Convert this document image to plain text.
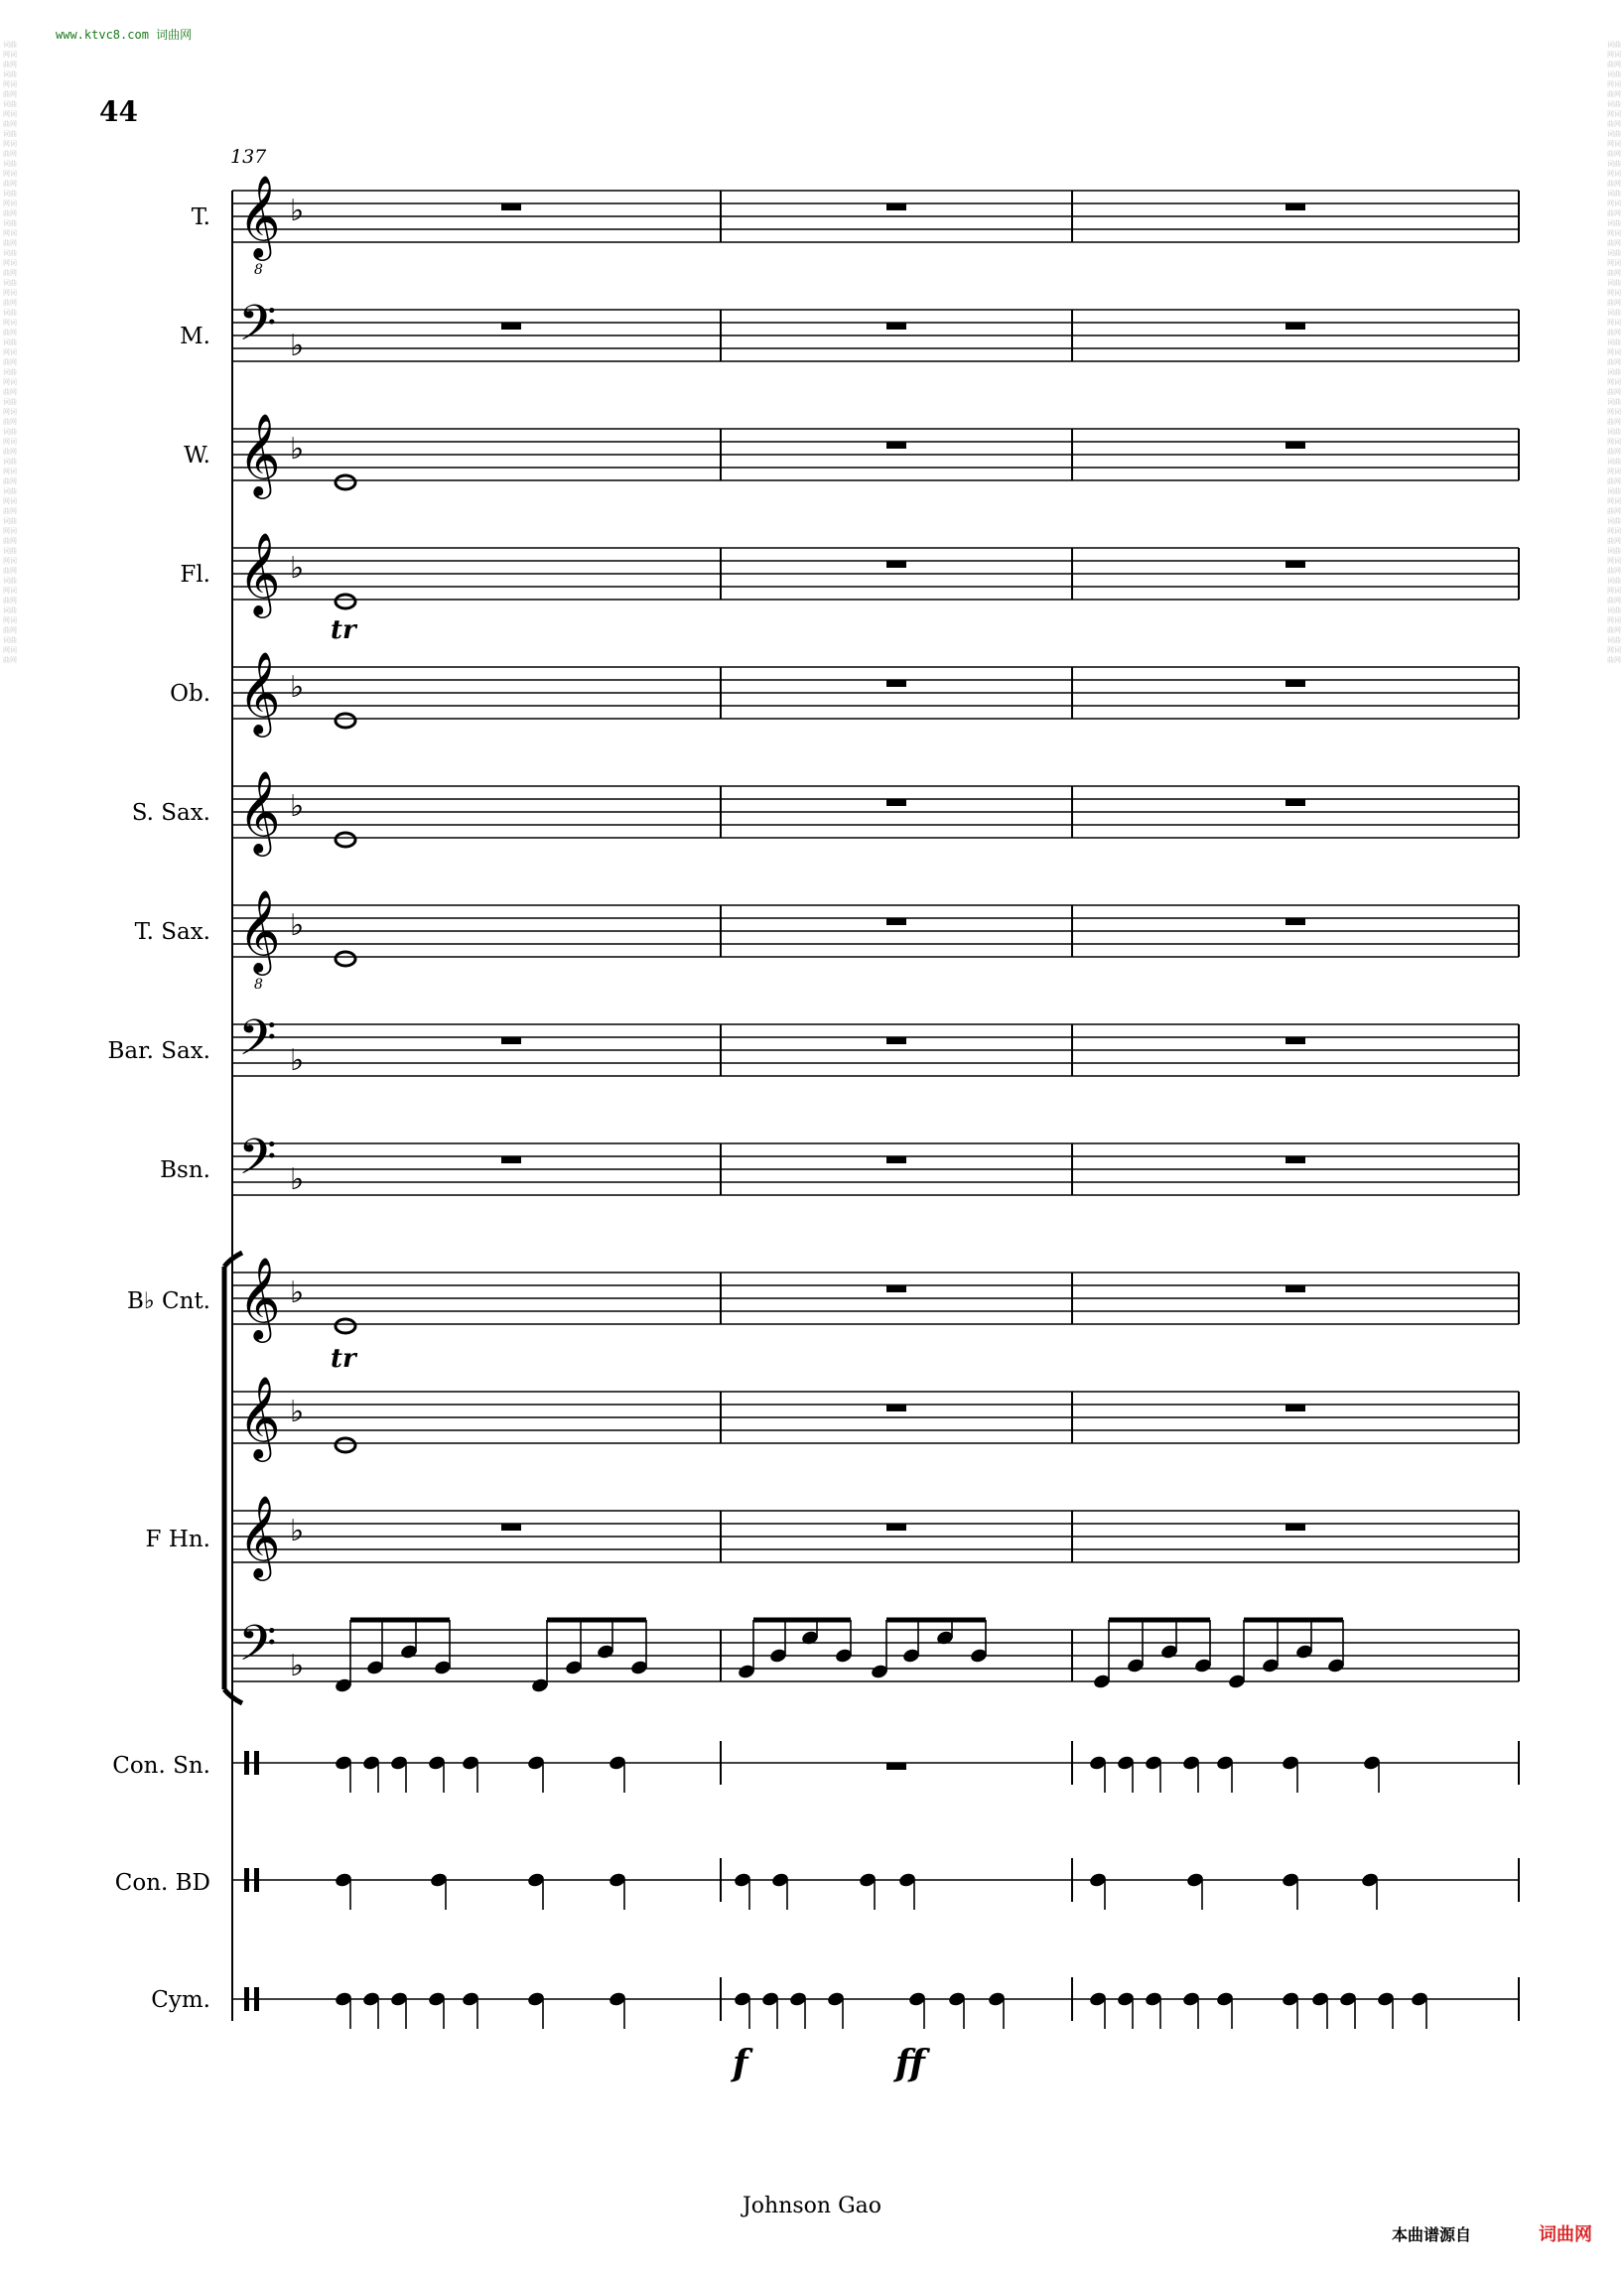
词曲网词曲网词曲网词曲网词曲网词曲网词曲网词曲网词曲网词曲网词曲网词曲网词曲网词曲网词曲网词曲网词曲网词曲网词曲网词曲网词曲网词曲网词曲网词曲网词曲网词曲网词曲网词曲网词曲网词曲网词曲网词曲网词曲网词曲网词曲网词曲网词曲网词曲网词曲网词曲网词曲网词曲网
词曲网词曲网词曲网词曲网词曲网词曲网词曲网词曲网词曲网词曲网词曲网词曲网词曲网词曲网词曲网词曲网词曲网词曲网词曲网词曲网词曲网词曲网词曲网词曲网词曲网词曲网词曲网词曲网词曲网词曲网词曲网词曲网词曲网词曲网词曲网词曲网词曲网词曲网词曲网词曲网词曲网词曲网
www.ktvc8.com 词曲网
44
137
T.
M.
W.
Fl.
Ob.
S. Sax.
T. Sax.
Bar. Sax.
Bsn.
B♭ Cnt.
F Hn.
Con. Sn.
Con. BD
Cym.
𝄞
8
♭
𝄢 ♭
𝄞 ♭
𝄞 ♭
𝄞 ♭
𝄞 ♭
𝄞
8
♭
𝄢 ♭
𝄢 ♭
𝄞 ♭
𝄞 ♭
𝄞 ♭
𝄢 ♭
tr
tr
f	ff
Johnson Gao
本曲谱源自	词曲网
